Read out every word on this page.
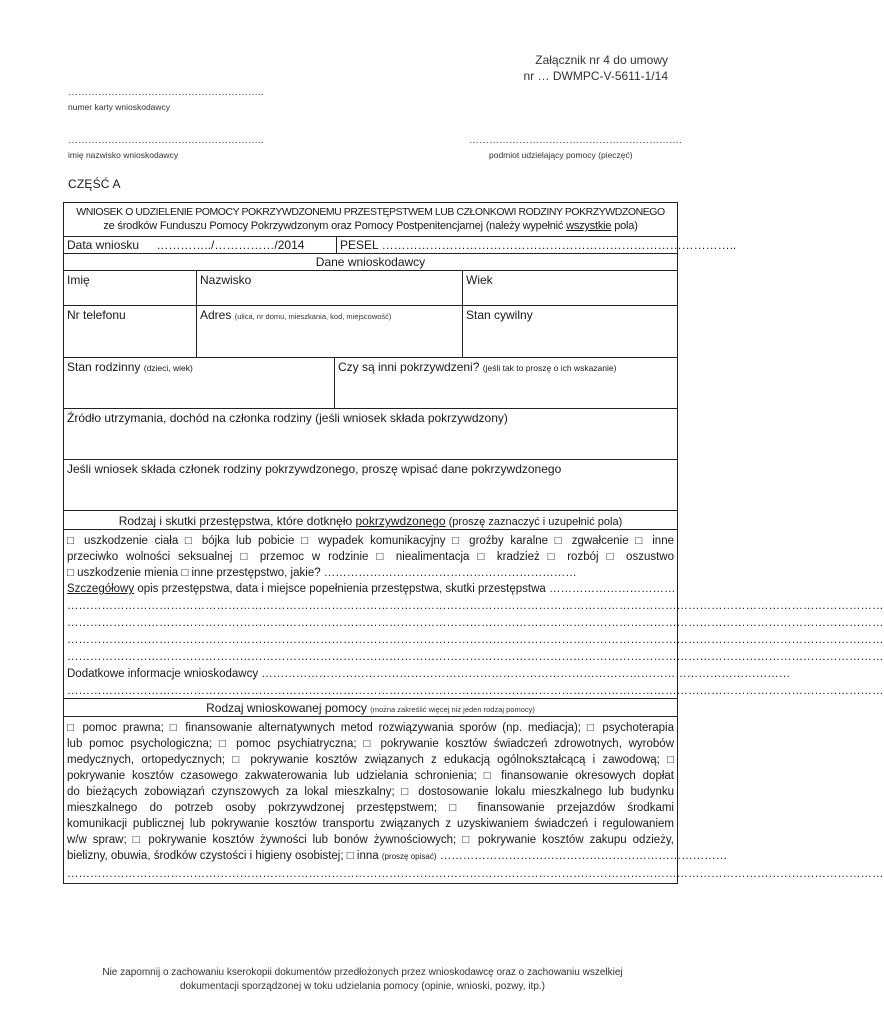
Załącznik nr 4 do umowy
nr … DWMPC-V-5611-1/14
…………………………………………………..
numer karty wnioskodawcy
…………………………………………………..
imię nazwisko wnioskodawcy
……………………………………………………….
podmiot udzielający pomocy (pieczęć)
CZĘŚĆ A
WNIOSEK O UDZIELENIE POMOCY POKRZYWDZONEMU PRZESTĘPSTWEM LUB CZŁONKOWI RODZINY POKRZYWDZONEGO
ze środków Funduszu Pomocy Pokrzywdzonym oraz Pomocy Postpenitencjarnej (należy wypełnić wszystkie pola)
Data wniosku …………../……………/2014	PESEL ……………………………………………………………………………..
Dane wnioskodawcy
Imię	Nazwisko	Wiek
Nr telefonu	Adres (ulica, nr domu, mieszkania, kod, miejscowość)	Stan cywilny
Stan rodzinny (dzieci, wiek)	Czy są inni pokrzywdzeni? (jeśli tak to proszę o ich wskazanie)
Źródło utrzymania, dochód na członka rodziny (jeśli wniosek składa pokrzywdzony)
Jeśli wniosek składa członek rodziny pokrzywdzonego, proszę wpisać dane pokrzywdzonego
Rodzaj i skutki przestępstwa, które dotknęło pokrzywdzonego (proszę zaznaczyć i uzupełnić pola)
□ uszkodzenie ciała □ bójka lub pobicie □ wypadek komunikacyjny □ groźby karalne □ zgwałcenie □ inne
przeciwko wolności seksualnej □ przemoc w rodzinie □ niealimentacja □ kradzież □ rozbój □ oszustwo
□ uszkodzenie mienia □ inne przestępstwo, jakie? …………………………………………………………
Szczegółowy opis przestępstwa, data i miejsce popełnienia przestępstwa, skutki przestępstwa ……………………………
……………………………………………………………………………………………………………………………………………………………………………………………
……………………………………………………………………………………………………………………………………………………………………………………………
……………………………………………………………………………………………………………………………………………………………………………………………
……………………………………………………………………………………………………………………………………………………………………………………………
Dodatkowe informacje wnioskodawcy …………………………………………………………………………………………………………………………
……………………………………………………………………………………………………………………………………………………………………………………………
Rodzaj wnioskowanej pomocy (można zakreślić więcej niż jeden rodzaj pomocy)
□ pomoc prawna; □ finansowanie alternatywnych metod rozwiązywania sporów (np. mediacja); □ psychoterapia
lub pomoc psychologiczna; □ pomoc psychiatryczna; □ pokrywanie kosztów świadczeń zdrowotnych, wyrobów
medycznych, ortopedycznych; □ pokrywanie kosztów związanych z edukacją ogólnokształcącą i zawodową; □
pokrywanie kosztów czasowego zakwaterowania lub udzielania schronienia; □ finansowanie okresowych dopłat
do bieżących zobowiązań czynszowych za lokal mieszkalny; □ dostosowanie lokalu mieszkalnego lub budynku
mieszkalnego do potrzeb osoby pokrzywdzonej przestępstwem; □ finansowanie przejazdów środkami
komunikacji publicznej lub pokrywanie kosztów transportu związanych z uzyskiwaniem świadczeń i regulowaniem
w/w spraw; □ pokrywanie kosztów żywności lub bonów żywnościowych; □ pokrywanie kosztów zakupu odzieży,
bielizny, obuwia, środków czystości i higieny osobistej; □ inna (proszę opisać) …………………………………………………………………
……………………………………………………………………………………………………………………………………………………………………………………………
Nie zapomnij o zachowaniu kserokopii dokumentów przedłożonych przez wnioskodawcę oraz o zachowaniu wszelkiej
dokumentacji sporządzonej w toku udzielania pomocy (opinie, wnioski, pozwy, itp.)
